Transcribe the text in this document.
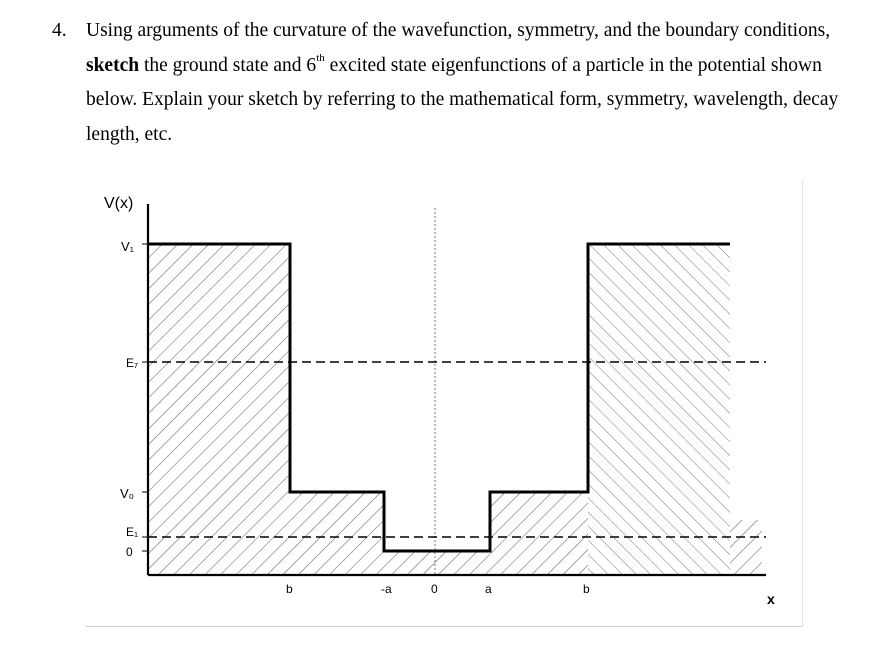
4. Using arguments of the curvature of the wavefunction, symmetry, and the boundary conditions, sketch the ground state and 6th excited state eigenfunctions of a particle in the potential shown below. Explain your sketch by referring to the mathematical form, symmetry, wavelength, decay length, etc.
V(x)
V₁
E₇
V₀
E₁
0
b	-a	0	a	b
x
